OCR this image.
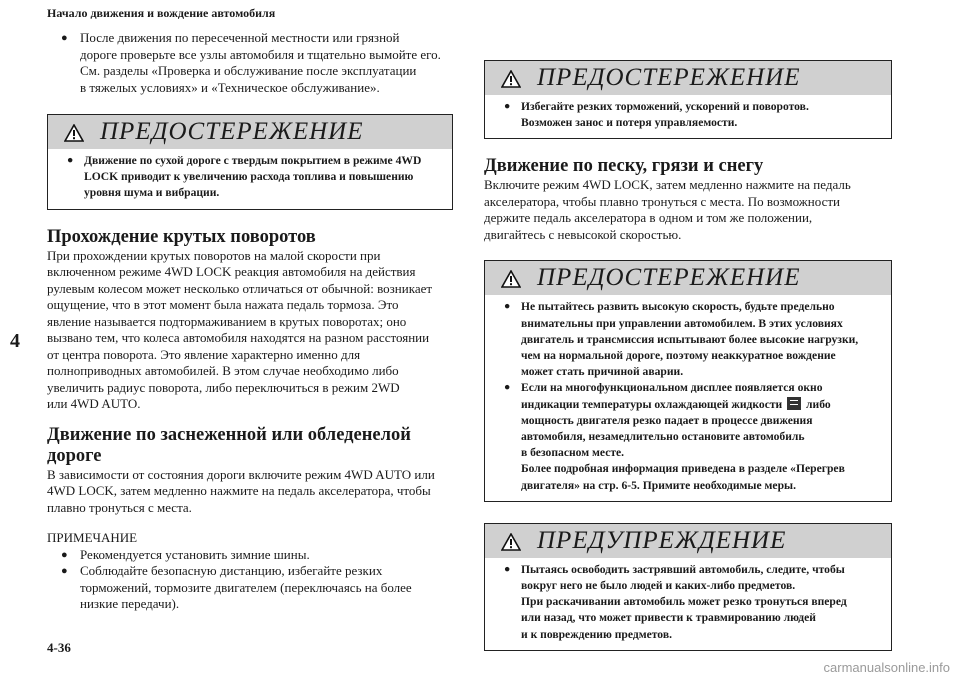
Начало движения и вождение автомобиля
4
4-36
carmanualsonline.info
● После движения по пересеченной местности или грязной
дороге проверьте все узлы автомобиля и тщательно вымойте его.
См. разделы «Проверка и обслуживание после эксплуатации
в тяжелых условиях» и «Техническое обслуживание».
ПРЕДОСТЕРЕЖЕНИЕ
● Движение по сухой дороге с твердым покрытием в режиме 4WD
LOCK приводит к увеличению расхода топлива и повышению
уровня шума и вибрации.
Прохождение крутых поворотов
При прохождении крутых поворотов на малой скорости при
включенном режиме 4WD LOCK реакция автомобиля на действия
рулевым колесом может несколько отличаться от обычной: возникает
ощущение, что в этот момент была нажата педаль тормоза. Это
явление называется подтормаживанием в крутых поворотах; оно
вызвано тем, что колеса автомобиля находятся на разном расстоянии
от центра поворота. Это явление характерно именно для
полноприводных автомобилей. В этом случае необходимо либо
увеличить радиус поворота, либо переключиться в режим 2WD
или 4WD AUTO.
Движение по заснеженной или обледенелой
дороге
В зависимости от состояния дороги включите режим 4WD AUTO или
4WD LOCK, затем медленно нажмите на педаль акселератора, чтобы
плавно тронуться с места.
ПРИМЕЧАНИЕ
● Рекомендуется установить зимние шины.
● Соблюдайте безопасную дистанцию, избегайте резких
торможений, тормозите двигателем (переключаясь на более
низкие передачи).
ПРЕДОСТЕРЕЖЕНИЕ
● Избегайте резких торможений, ускорений и поворотов.
Возможен занос и потеря управляемости.
Движение по песку, грязи и снегу
Включите режим 4WD LOCK, затем медленно нажмите на педаль
акселератора, чтобы плавно тронуться с места. По возможности
держите педаль акселератора в одном и том же положении,
двигайтесь с невысокой скоростью.
ПРЕДОСТЕРЕЖЕНИЕ
● Не пытайтесь развить высокую скорость, будьте предельно
внимательны при управлении автомобилем. В этих условиях
двигатель и трансмиссия испытывают более высокие нагрузки,
чем на нормальной дороге, поэтому неаккуратное вождение
может стать причиной аварии.
● Если на многофункциональном дисплее появляется окно
индикации температуры охлаждающей жидкости либо
мощность двигателя резко падает в процессе движения
автомобиля, незамедлительно остановите автомобиль
в безопасном месте.
Более подробная информация приведена в разделе «Перегрев
двигателя» на стр. 6-5. Примите необходимые меры.
ПРЕДУПРЕЖДЕНИЕ
● Пытаясь освободить застрявший автомобиль, следите, чтобы
вокруг него не было людей и каких-либо предметов.
При раскачивании автомобиль может резко тронуться вперед
или назад, что может привести к травмированию людей
и к повреждению предметов.
